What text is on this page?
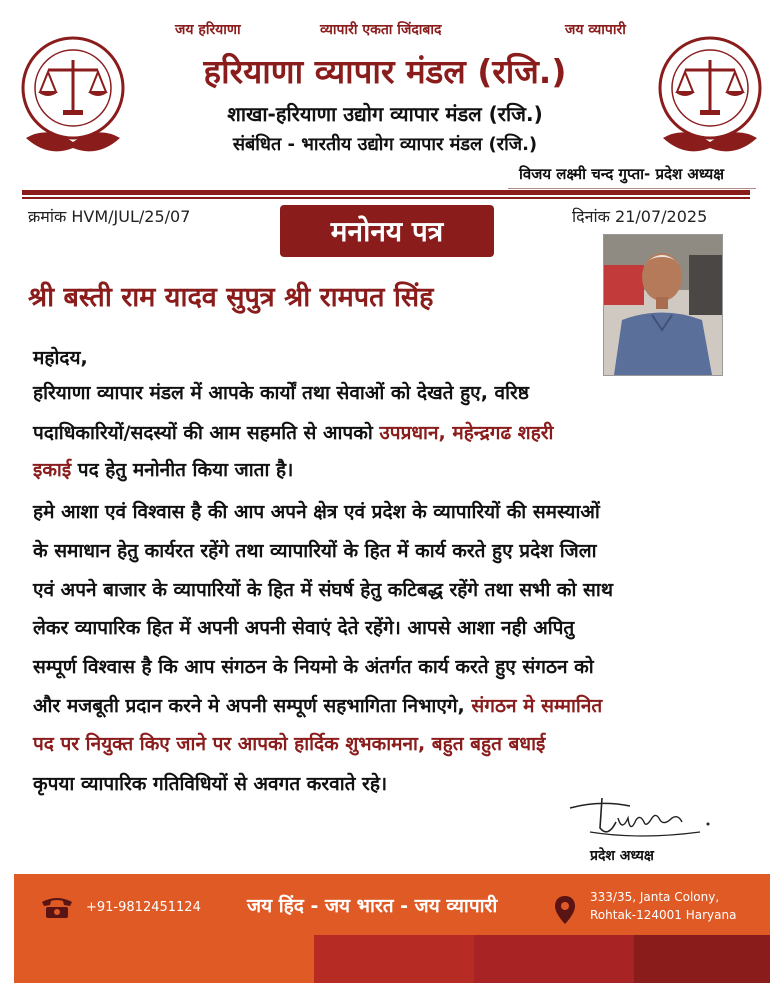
जय हरियाणा	व्यापारी एकता जिंदाबाद	जय व्यापारी
हरियाणा व्यापार मंडल (रजि.)
शाखा-हरियाणा उद्योग व्यापार मंडल (रजि.)
संबंधित - भारतीय उद्योग व्यापार मंडल (रजि.)
विजय लक्ष्मी चन्द गुप्ता- प्रदेश अध्यक्ष
क्रमांक HVM/JUL/25/07	दिनांक 21/07/2025
मनोनय पत्र
श्री बस्ती राम यादव सुपुत्र श्री रामपत सिंह
महोदय,
हरियाणा व्यापार मंडल में आपके कार्यों तथा सेवाओं को देखते हुए, वरिष्ठ
पदाधिकारियों/सदस्यों की आम सहमति से आपको उपप्रधान, महेन्द्रगढ शहरी
इकाई पद हेतु मनोनीत किया जाता है।
हमे आशा एवं विश्वास है की आप अपने क्षेत्र एवं प्रदेश के व्यापारियों की समस्याओं
के समाधान हेतु कार्यरत रहेंगे तथा व्यापारियों के हित में कार्य करते हुए प्रदेश जिला
एवं अपने बाजार के व्यापारियों के हित में संघर्ष हेतु कटिबद्ध रहेंगे तथा सभी को साथ
लेकर व्यापारिक हित में अपनी अपनी सेवाएं देते रहेंगे। आपसे आशा नही अपितु
सम्पूर्ण विश्वास है कि आप संगठन के नियमो के अंतर्गत कार्य करते हुए संगठन को
और मजबूती प्रदान करने मे अपनी सम्पूर्ण सहभागिता निभाएगे, संगठन मे सम्मानित
पद पर नियुक्त किए जाने पर आपको हार्दिक शुभकामना, बहुत बहुत बधाई
कृपया व्यापारिक गतिविधियों से अवगत करवाते रहे।
प्रदेश अध्यक्ष
+91-9812451124 जय हिंद - जय भारत - जय व्यापारी	333/35, Janta Colony,
Rohtak-124001 Haryana
